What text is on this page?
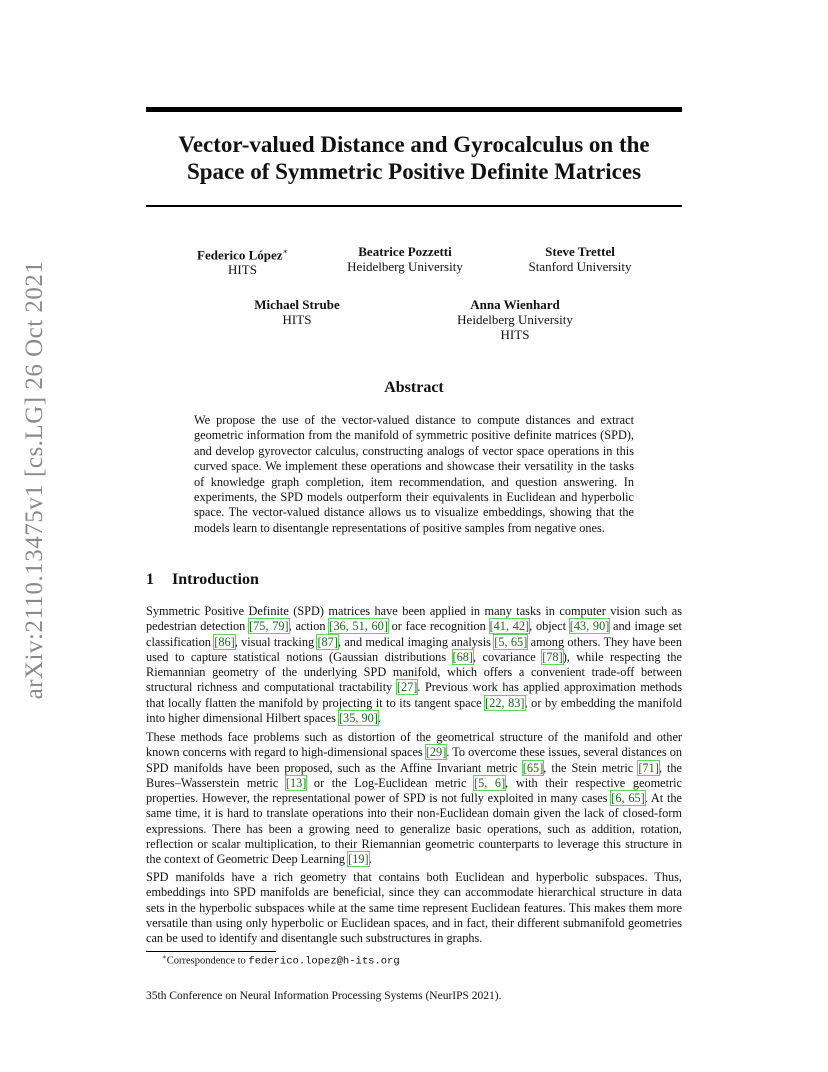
arXiv:2110.13475v1 [cs.LG] 26 Oct 2021
Vector-valued Distance and Gyrocalculus on the
Space of Symmetric Positive Definite Matrices
Federico López∗
HITS
Beatrice Pozzetti
Heidelberg University
Steve Trettel
Stanford University
Michael Strube
HITS
Anna Wienhard
Heidelberg University
HITS
Abstract
We propose the use of the vector-valued distance to compute distances and extract geometric information from the manifold of symmetric positive definite matrices (SPD), and develop gyrovector calculus, constructing analogs of vector space operations in this curved space. We implement these operations and showcase their versatility in the tasks of knowledge graph completion, item recommendation, and question answering. In experiments, the SPD models outperform their equivalents in Euclidean and hyperbolic space. The vector-valued distance allows us to visualize embeddings, showing that the models learn to disentangle representations of positive samples from negative ones.
1 Introduction

Symmetric Positive Definite (SPD) matrices have been applied in many tasks in computer vision such as pedestrian detection [75, 79], action [36, 51, 60] or face recognition [41, 42], object [43, 90] and image set classification [86], visual tracking [87], and medical imaging analysis [5, 65] among others. They have been used to capture statistical notions (Gaussian distributions [68], covariance [78]), while respecting the Riemannian geometry of the underlying SPD manifold, which offers a convenient trade-off between structural richness and computational tractability [27]. Previous work has applied approximation methods that locally flatten the manifold by projecting it to its tangent space [22, 83], or by embedding the manifold into higher dimensional Hilbert spaces [35, 90].

These methods face problems such as distortion of the geometrical structure of the manifold and other known concerns with regard to high-dimensional spaces [29]. To overcome these issues, several distances on SPD manifolds have been proposed, such as the Affine Invariant metric [65], the Stein metric [71], the Bures–Wasserstein metric [13] or the Log-Euclidean metric [5, 6], with their respective geometric properties. However, the representational power of SPD is not fully exploited in many cases [6, 65]. At the same time, it is hard to translate operations into their non-Euclidean domain given the lack of closed-form expressions. There has been a growing need to generalize basic operations, such as addition, rotation, reflection or scalar multiplication, to their Riemannian geometric counterparts to leverage this structure in the context of Geometric Deep Learning [19].

SPD manifolds have a rich geometry that contains both Euclidean and hyperbolic subspaces. Thus, embeddings into SPD manifolds are beneficial, since they can accommodate hierarchical structure in data sets in the hyperbolic subspaces while at the same time represent Euclidean features. This makes them more versatile than using only hyperbolic or Euclidean spaces, and in fact, their different submanifold geometries can be used to identify and disentangle such substructures in graphs.

∗Correspondence to federico.lopez@h-its.org
35th Conference on Neural Information Processing Systems (NeurIPS 2021).
